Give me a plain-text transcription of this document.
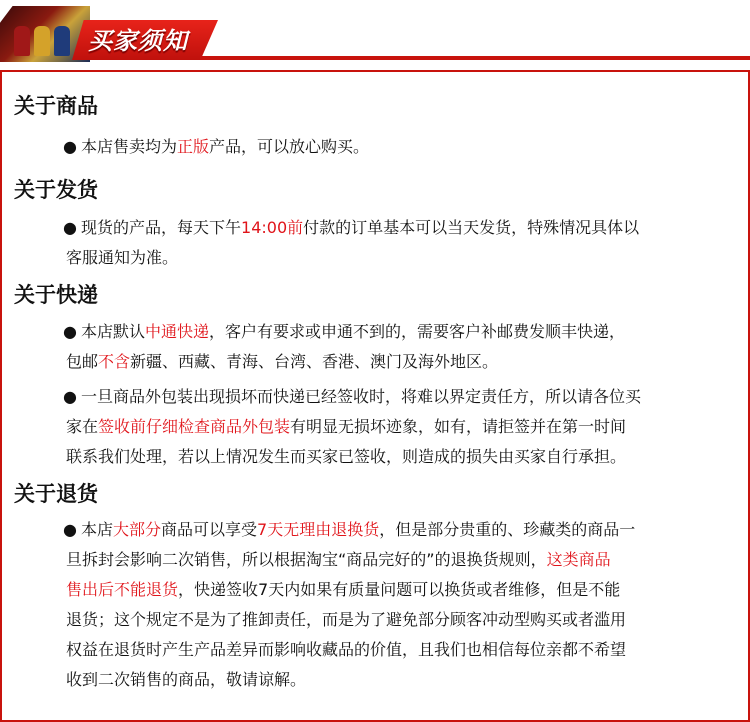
买家须知
关于商品
● 本店售卖均为正版产品，可以放心购买。
关于发货
● 现货的产品，每天下午14:00前付款的订单基本可以当天发货，特殊情况具体以
客服通知为准。
关于快递
● 本店默认中通快递，客户有要求或申通不到的，需要客户补邮费发顺丰快递，
包邮不含新疆、西藏、青海、台湾、香港、澳门及海外地区。
● 一旦商品外包装出现损坏而快递已经签收时，将难以界定责任方，所以请各位买
家在签收前仔细检查商品外包装有明显无损坏迹象，如有，请拒签并在第一时间
联系我们处理，若以上情况发生而买家已签收，则造成的损失由买家自行承担。
关于退货
● 本店大部分商品可以享受7天无理由退换货，但是部分贵重的、珍藏类的商品一
旦拆封会影响二次销售，所以根据淘宝“商品完好的”的退换货规则，这类商品
售出后不能退货，快递签收7天内如果有质量问题可以换货或者维修，但是不能
退货；这个规定不是为了推卸责任，而是为了避免部分顾客冲动型购买或者滥用
权益在退货时产生产品差异而影响收藏品的价值，且我们也相信每位亲都不希望
收到二次销售的商品，敬请谅解。
